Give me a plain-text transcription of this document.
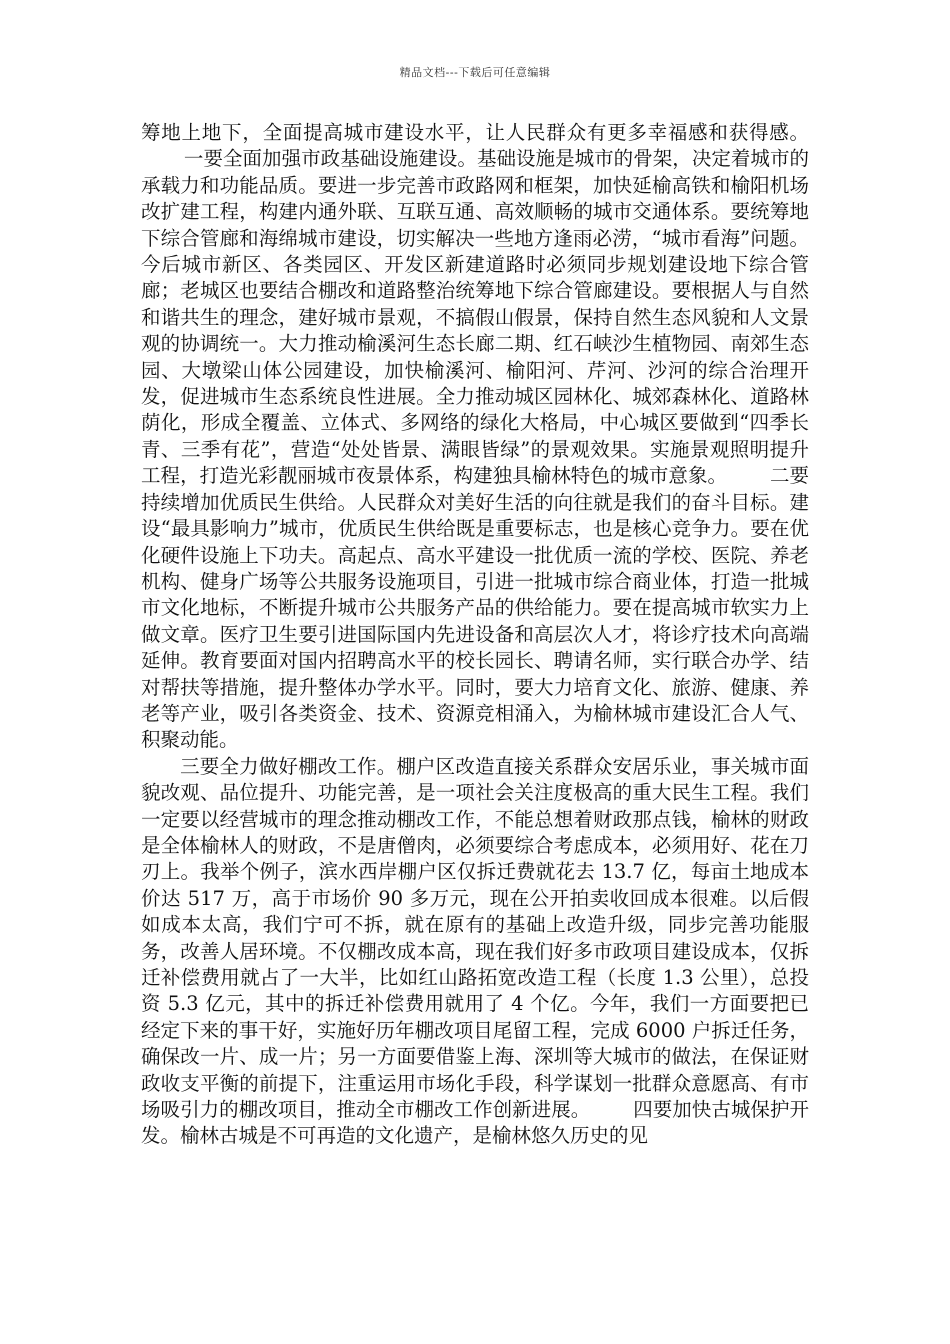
精品文档---下载后可任意编辑

筹地上地下，全面提高城市建设水平，让人民群众有更多幸福感和获得感。一要全面加强市政基础设施建设。基础设施是城市的骨架，决定着城市的承载力和功能品质。要进一步完善市政路网和框架，加快延榆高铁和榆阳机场改扩建工程，构建内通外联、互联互通、高效顺畅的城市交通体系。要统筹地下综合管廊和海绵城市建设，切实解决一些地方逢雨必涝，“城市看海”问题。今后城市新区、各类园区、开发区新建道路时必须同步规划建设地下综合管廊；老城区也要结合棚改和道路整治统筹地下综合管廊建设。要根据人与自然和谐共生的理念，建好城市景观，不搞假山假景，保持自然生态风貌和人文景观的协调统一。大力推动榆溪河生态长廊二期、红石峡沙生植物园、南郊生态园、大墩梁山体公园建设，加快榆溪河、榆阳河、芹河、沙河的综合治理开发，促进城市生态系统良性进展。全力推动城区园林化、城郊森林化、道路林荫化，形成全覆盖、立体式、多网络的绿化大格局，中心城区要做到“四季长青、三季有花”，营造“处处皆景、满眼皆绿”的景观效果。实施景观照明提升工程，打造光彩靓丽城市夜景体系，构建独具榆林特色的城市意象。 二要持续增加优质民生供给。人民群众对美好生活的向往就是我们的奋斗目标。建设“最具影响力”城市，优质民生供给既是重要标志，也是核心竞争力。要在优化硬件设施上下功夫。高起点、高水平建设一批优质一流的学校、医院、养老机构、健身广场等公共服务设施项目，引进一批城市综合商业体，打造一批城市文化地标，不断提升城市公共服务产品的供给能力。要在提高城市软实力上做文章。医疗卫生要引进国际国内先进设备和高层次人才，将诊疗技术向高端延伸。教育要面对国内招聘高水平的校长园长、聘请名师，实行联合办学、结对帮扶等措施，提升整体办学水平。同时，要大力培育文化、旅游、健康、养老等产业，吸引各类资金、技术、资源竞相涌入，为榆林城市建设汇合人气、积聚动能。

三要全力做好棚改工作。棚户区改造直接关系群众安居乐业，事关城市面貌改观、品位提升、功能完善，是一项社会关注度极高的重大民生工程。我们一定要以经营城市的理念推动棚改工作，不能总想着财政那点钱，榆林的财政是全体榆林人的财政，不是唐僧肉，必须要综合考虑成本，必须用好、花在刀刃上。我举个例子，滨水西岸棚户区仅拆迁费就花去 13.7 亿，每亩土地成本价达 517 万，高于市场价 90 多万元，现在公开拍卖收回成本很难。以后假如成本太高，我们宁可不拆，就在原有的基础上改造升级，同步完善功能服务，改善人居环境。不仅棚改成本高，现在我们好多市政项目建设成本，仅拆迁补偿费用就占了一大半，比如红山路拓宽改造工程（长度 1.3 公里），总投资 5.3 亿元，其中的拆迁补偿费用就用了 4 个亿。今年，我们一方面要把已经定下来的事干好，实施好历年棚改项目尾留工程，完成 6000 户拆迁任务，确保改一片、成一片；另一方面要借鉴上海、深圳等大城市的做法，在保证财政收支平衡的前提下，注重运用市场化手段，科学谋划一批群众意愿高、有市场吸引力的棚改项目，推动全市棚改工作创新进展。 四要加快古城保护开发。榆林古城是不可再造的文化遗产，是榆林悠久历史的见
